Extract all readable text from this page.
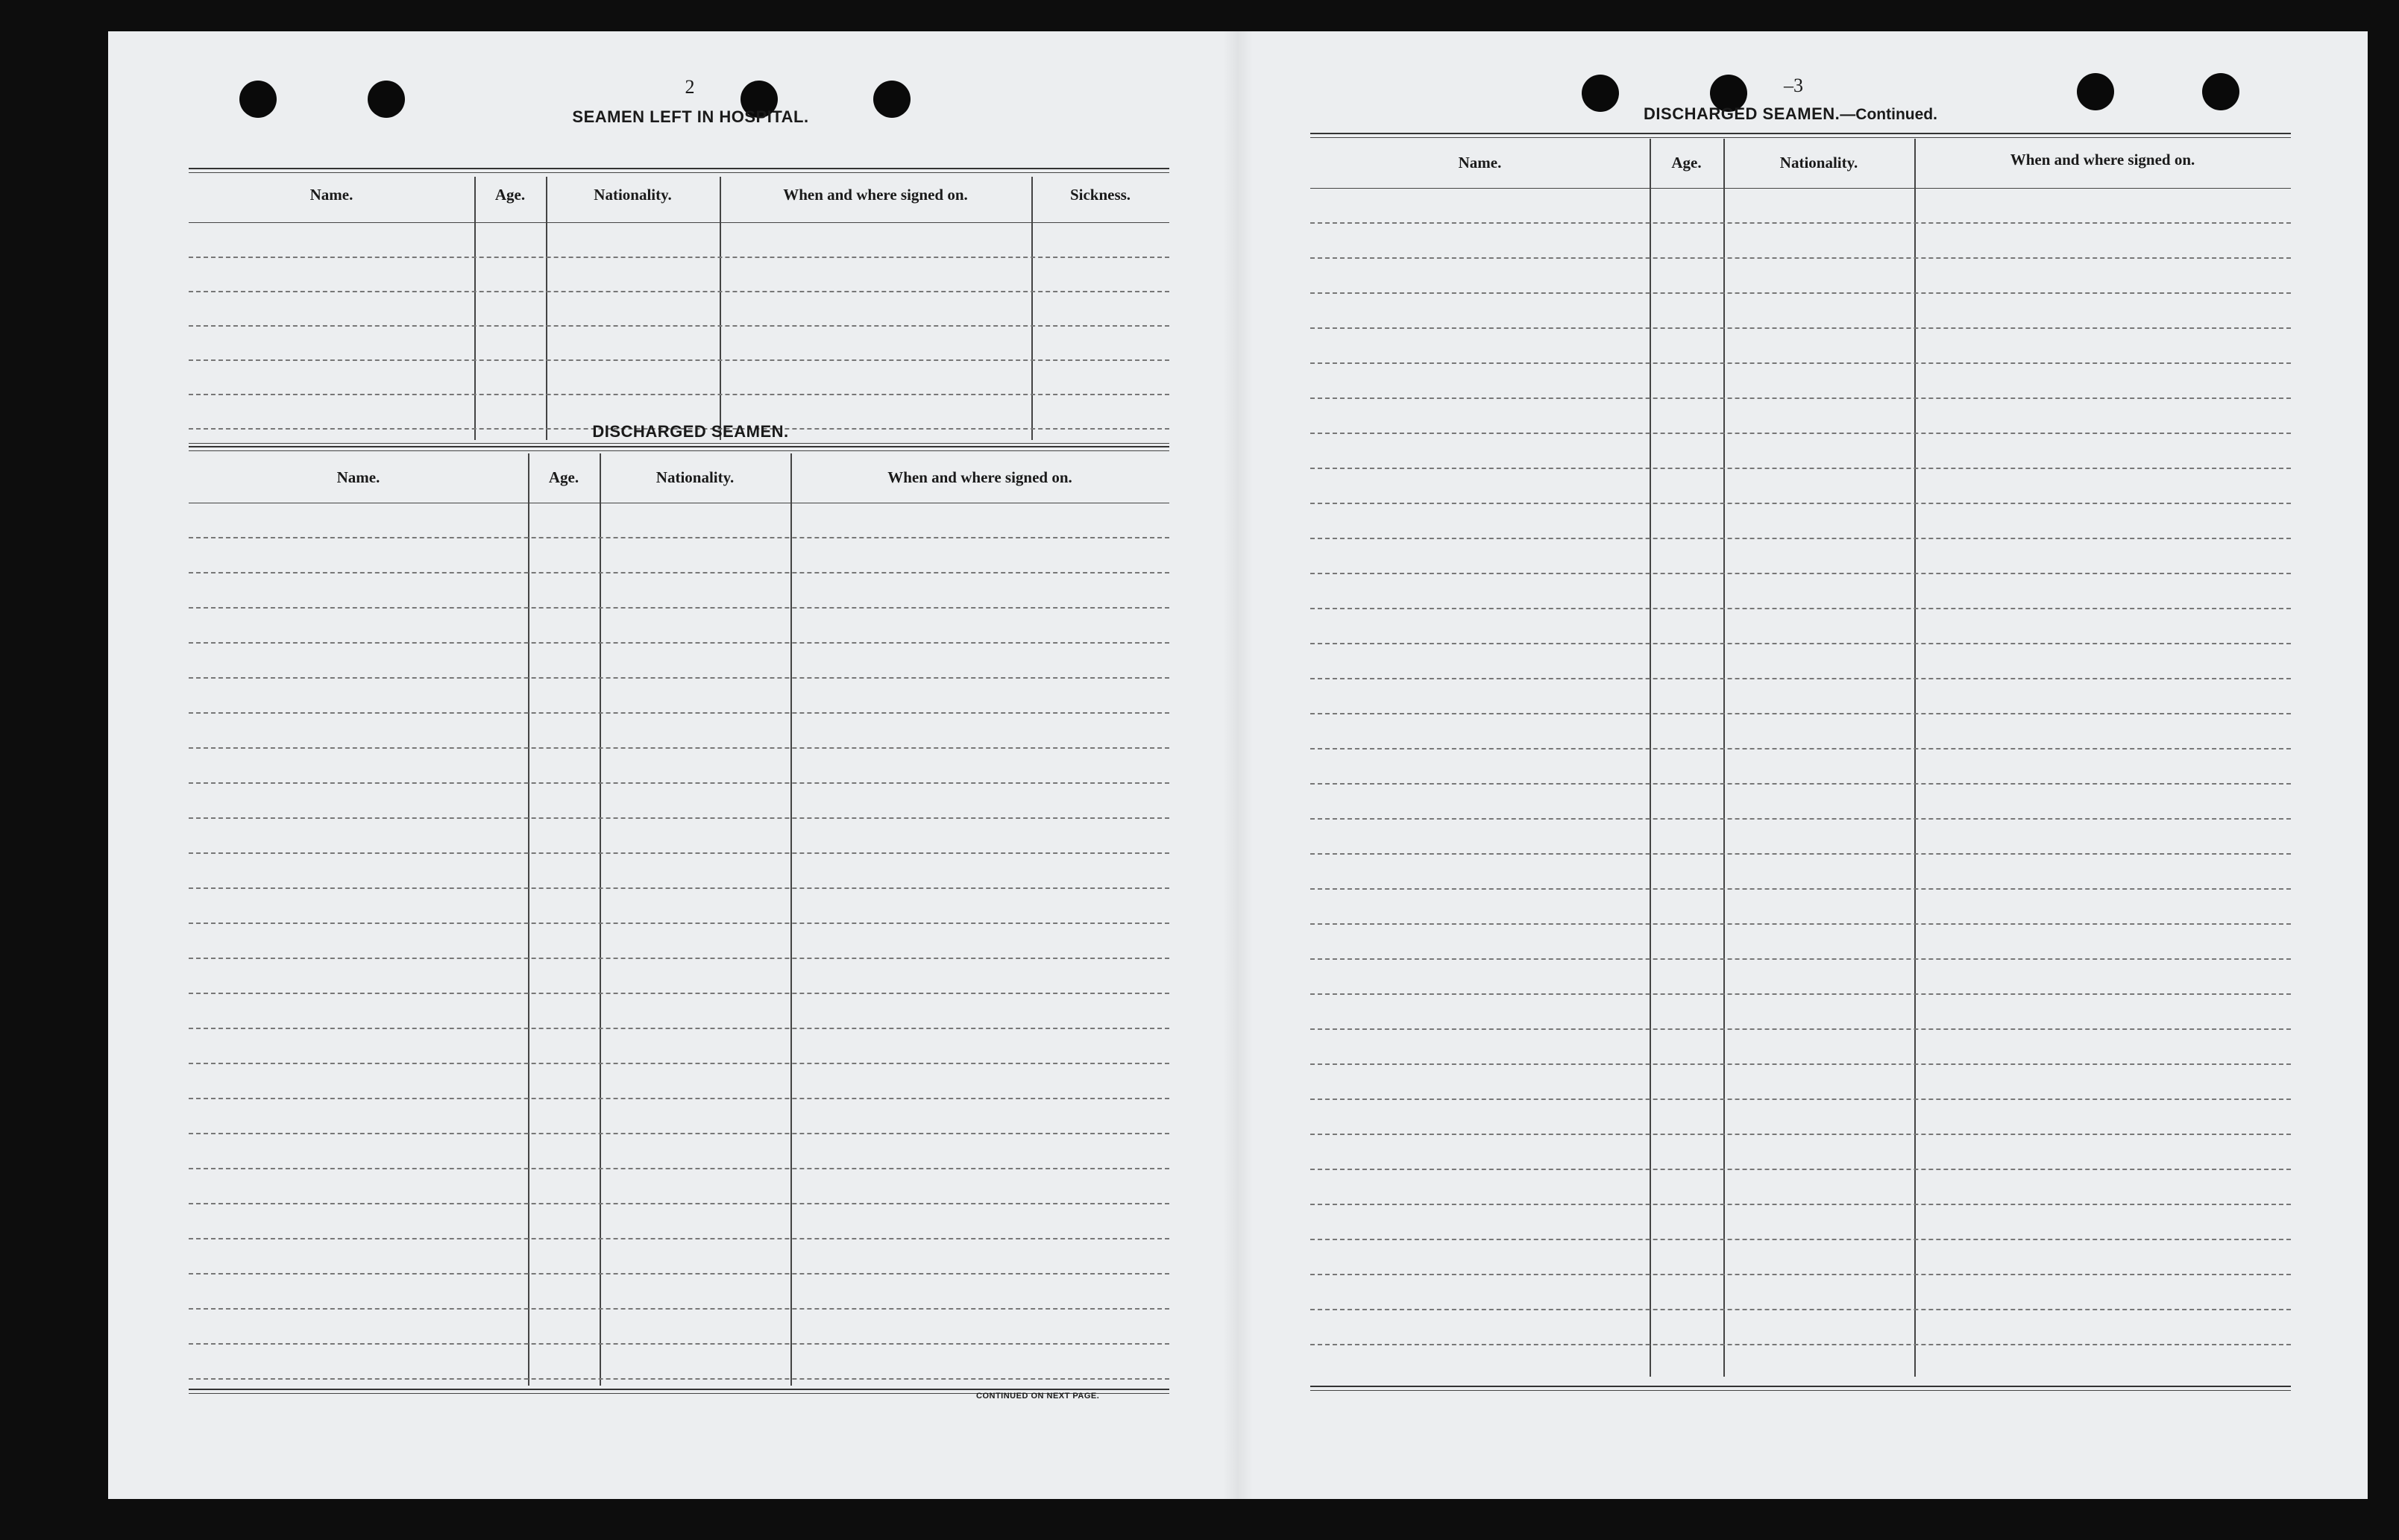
2
SEAMEN LEFT IN HOSPITAL.
Name.	Age.	Nationality.	When and where signed on.	Sickness.
DISCHARGED SEAMEN.
Name.	Age.	Nationality.	When and where signed on.
CONTINUED ON NEXT PAGE.
–3
DISCHARGED SEAMEN.—Continued.
Name.	Age.	Nationality.	When and where signed on.
